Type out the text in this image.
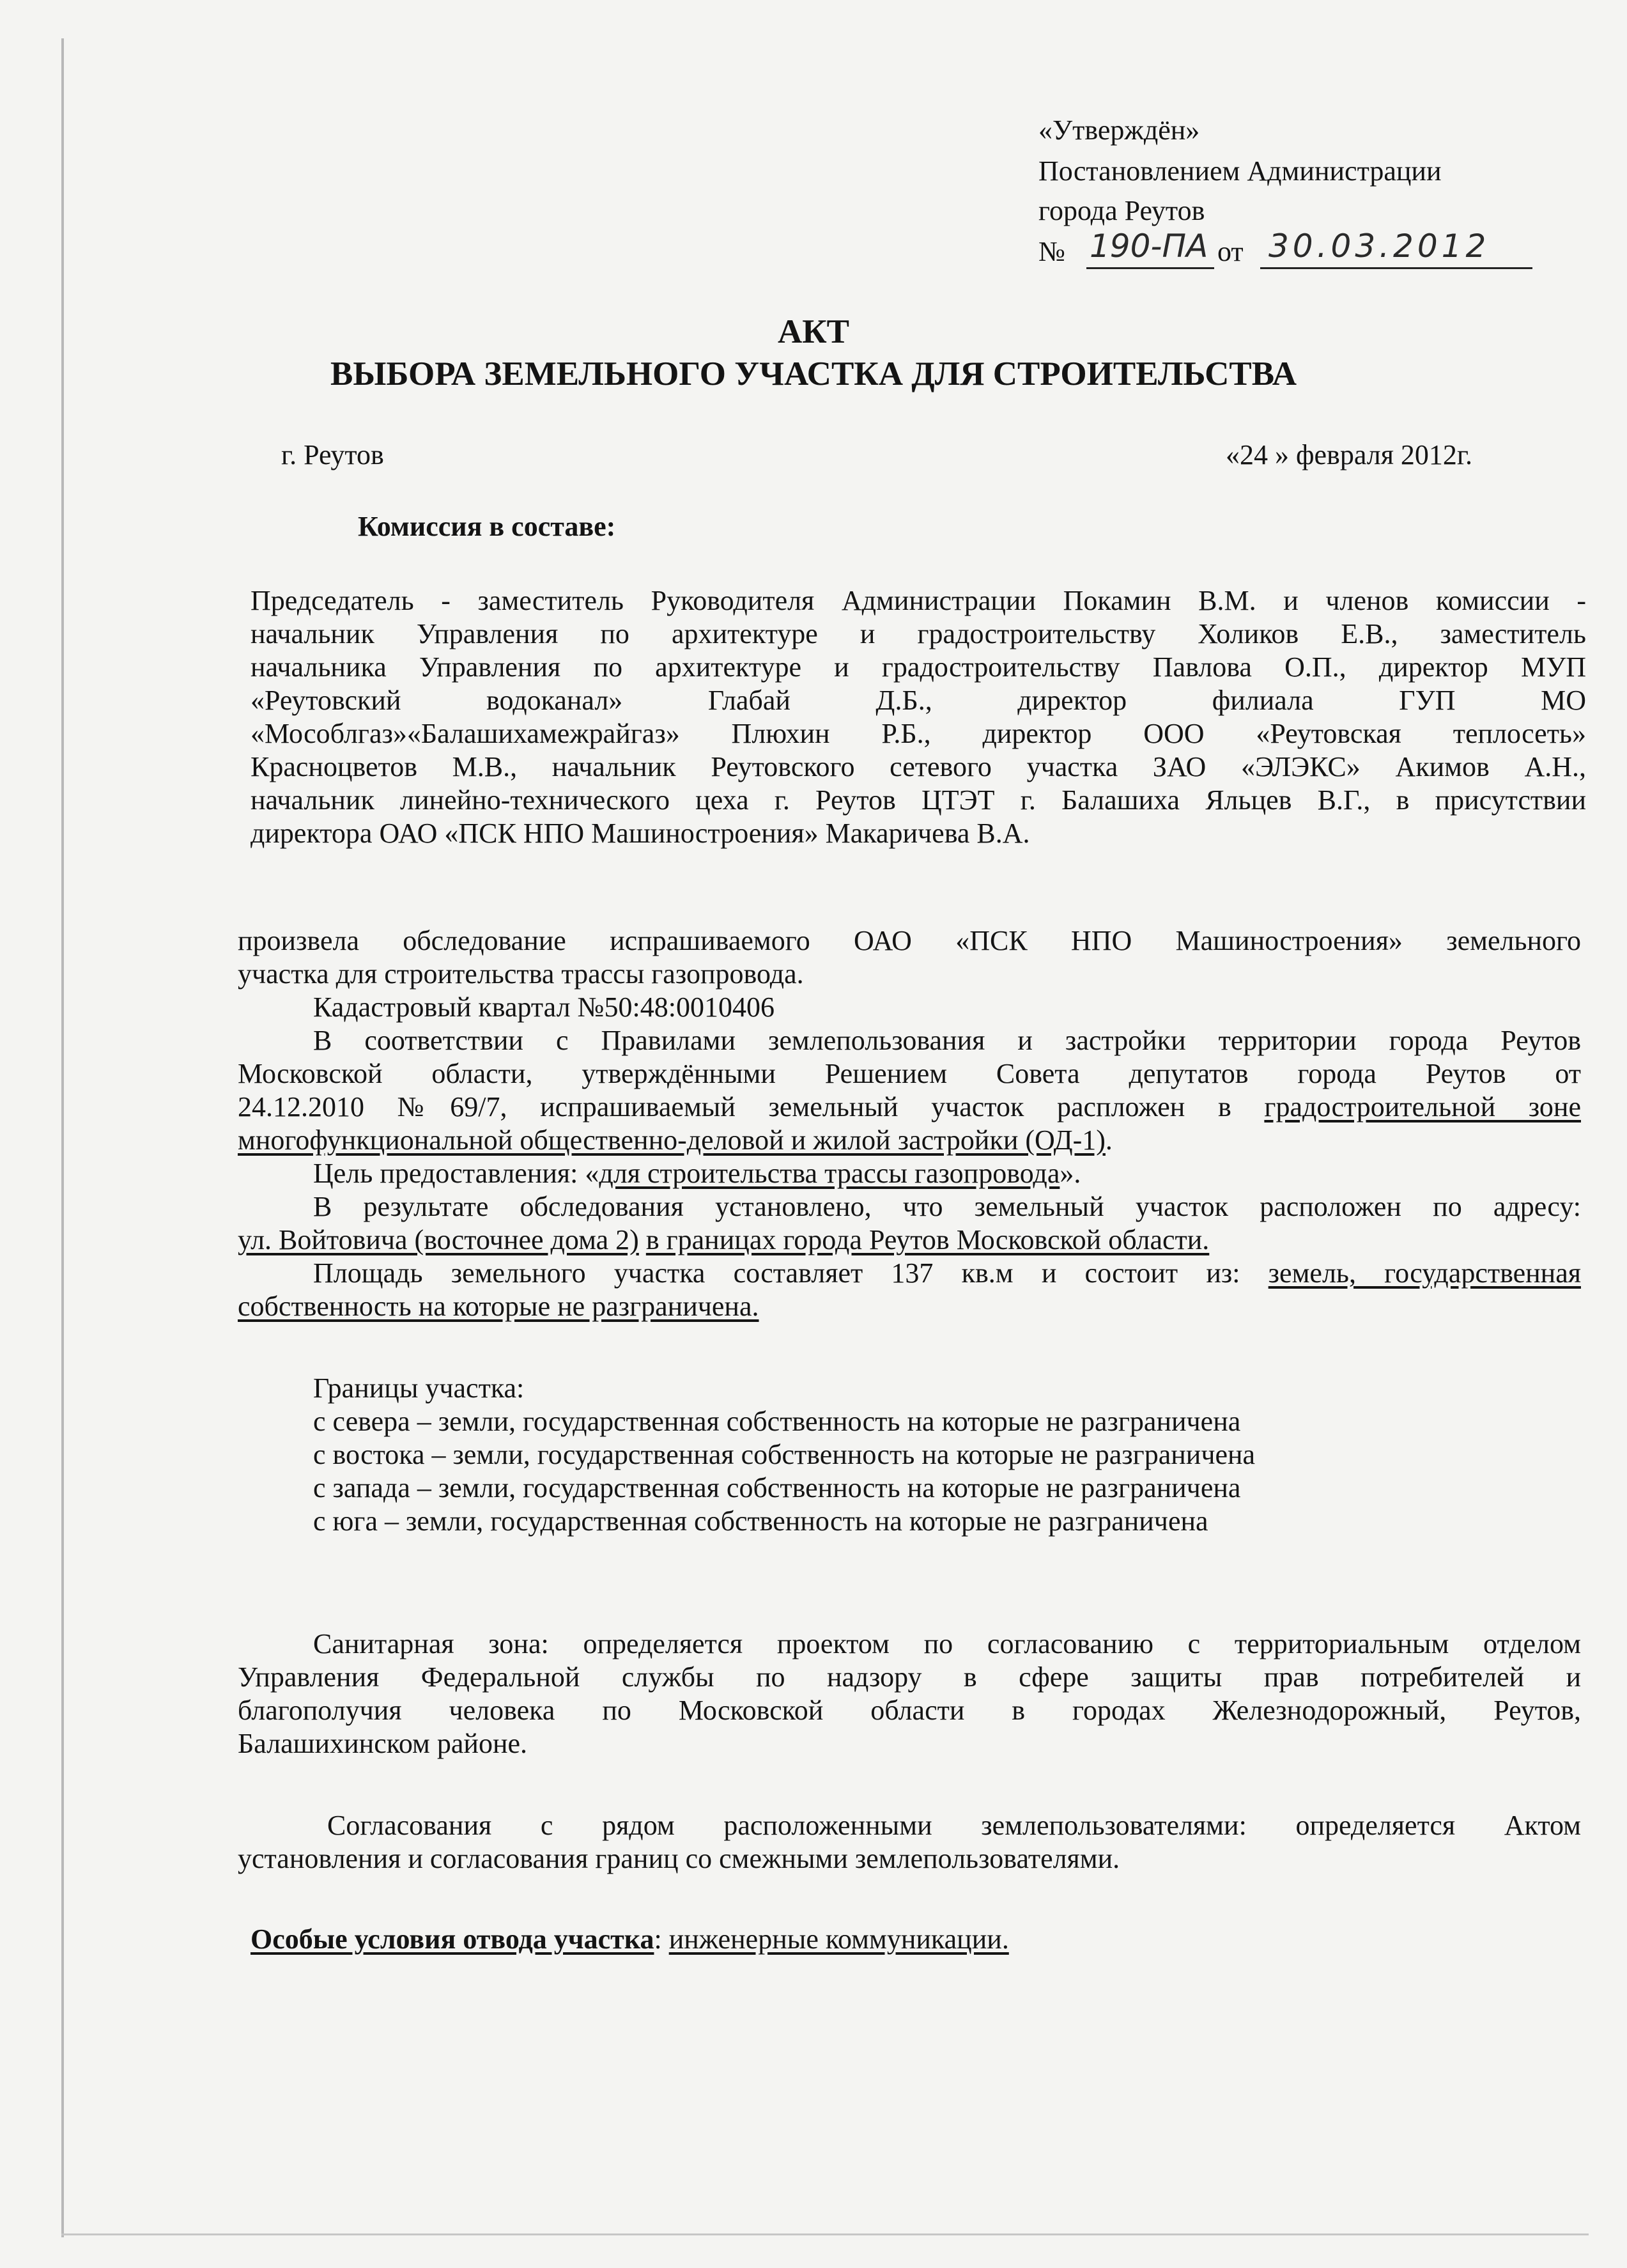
«Утверждён»
Постановлением Администрации
города Реутов
№ 190-ПА от 30.03.2012
АКТ
ВЫБОРА ЗЕМЕЛЬНОГО УЧАСТКА ДЛЯ СТРОИТЕЛЬСТВА
г. Реутов	«24 » февраля 2012г.
Комиссия в составе:
Председатель - заместитель Руководителя Администрации Покамин В.М. и членов комиссии -
начальник Управления по архитектуре и градостроительству Холиков Е.В., заместитель
начальника Управления по архитектуре и градостроительству Павлова О.П., директор МУП
«Реутовский водоканал» Глабай Д.Б., директор филиала ГУП МО
«Мособлгаз»«Балашихамежрайгаз» Плюхин Р.Б., директор ООО «Реутовская теплосеть»
Красноцветов М.В., начальник Реутовского сетевого участка ЗАО «ЭЛЭКС» Акимов А.Н.,
начальник линейно-технического цеха г. Реутов ЦТЭТ г. Балашиха Яльцев В.Г., в присутствии
директора ОАО «ПСК НПО Машиностроения» Макаричева В.А.
произвела обследование испрашиваемого ОАО «ПСК НПО Машиностроения» земельного
участка для строительства трассы газопровода.
Кадастровый квартал №50:48:0010406
В соответствии с Правилами землепользования и застройки территории города Реутов
Московской области, утверждёнными Решением Совета депутатов города Реутов от
24.12.2010 №69/7, испрашиваемый земельный участок распложен в градостроительной зоне
многофункциональной общественно-деловой и жилой застройки (ОД-1).
Цель предоставления: «для строительства трассы газопровода».
В результате обследования установлено, что земельный участок расположен по адресу:
ул. Войтовича (восточнее дома 2) в границах города Реутов Московской области.
Площадь земельного участка составляет 137 кв.м и состоит из: земель, государственная
собственность на которые не разграничена.
Границы участка:
с севера – земли, государственная собственность на которые не разграничена
с востока – земли, государственная собственность на которые не разграничена
с запада – земли, государственная собственность на которые не разграничена
с юга – земли, государственная собственность на которые не разграничена
Санитарная зона: определяется проектом по согласованию с территориальным отделом
Управления Федеральной службы по надзору в сфере защиты прав потребителей и
благополучия человека по Московской области в городах Железнодорожный, Реутов,
Балашихинском районе.
Согласования с рядом расположенными землепользователями: определяется Актом
установления и согласования границ со смежными землепользователями.
Особые условия отвода участка: инженерные коммуникации.
